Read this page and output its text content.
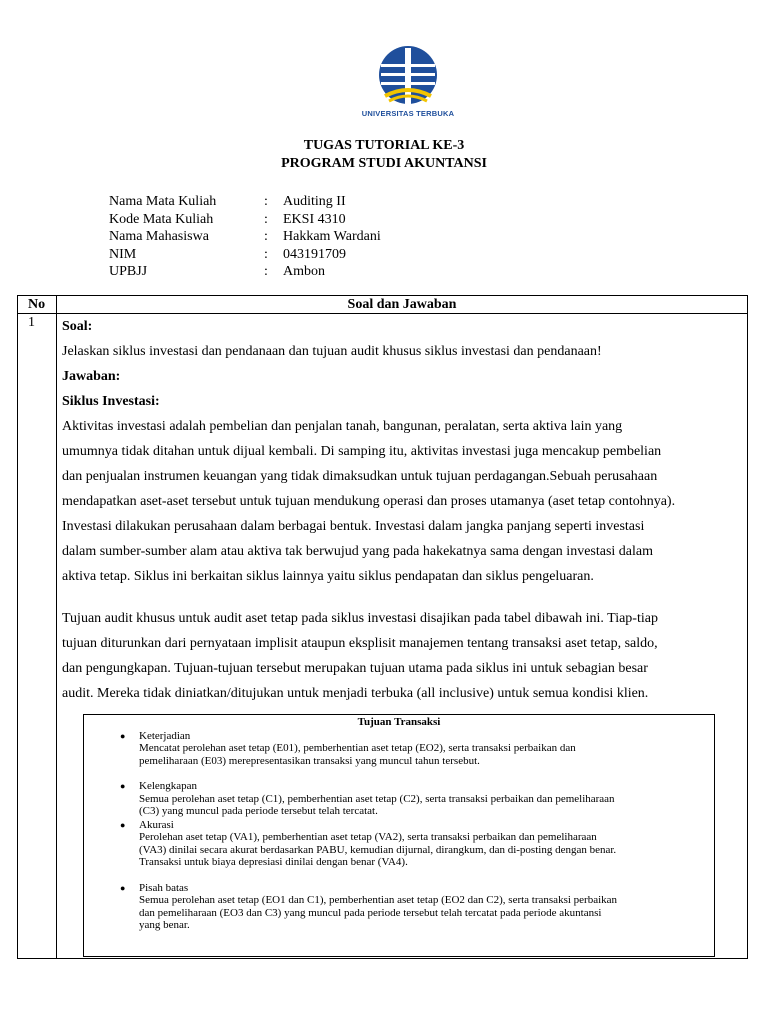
UNIVERSITAS TERBUKA
TUGAS TUTORIAL KE-3
PROGRAM STUDI AKUNTANSI
Nama Mata Kuliah	:	Auditing II
Kode Mata Kuliah	:	EKSI 4310
Nama Mahasiswa	:	Hakkam Wardani
NIM	:	043191709
UPBJJ	:	Ambon
No	Soal dan Jawaban
1 Soal:

Jelaskan siklus investasi dan pendanaan dan tujuan audit khusus siklus investasi dan pendanaan!

Jawaban:

Siklus Investasi:

Aktivitas investasi adalah pembelian dan penjalan tanah, bangunan, peralatan, serta aktiva lain yang

umumnya tidak ditahan untuk dijual kembali. Di samping itu, aktivitas investasi juga mencakup pembelian

dan penjualan instrumen keuangan yang tidak dimaksudkan untuk tujuan perdagangan.Sebuah perusahaan

mendapatkan aset-aset tersebut untuk tujuan mendukung operasi dan proses utamanya (aset tetap contohnya).

Investasi dilakukan perusahaan dalam berbagai bentuk. Investasi dalam jangka panjang seperti investasi

dalam sumber-sumber alam atau aktiva tak berwujud yang pada hakekatnya sama dengan investasi dalam

aktiva tetap. Siklus ini berkaitan siklus lainnya yaitu siklus pendapatan dan siklus pengeluaran.

Tujuan audit khusus untuk audit aset tetap pada siklus investasi disajikan pada tabel dibawah ini. Tiap-tiap

tujuan diturunkan dari pernyataan implisit ataupun eksplisit manajemen tentang transaksi aset tetap, saldo,

dan pengungkapan. Tujuan-tujuan tersebut merupakan tujuan utama pada siklus ini untuk sebagian besar

audit. Mereka tidak diniatkan/ditujukan untuk menjadi terbuka (all inclusive) untuk semua kondisi klien.

Tujuan Transaksi
● Keterjadian
Mencatat perolehan aset tetap (E01), pemberhentian aset tetap (EO2), serta transaksi perbaikan dan
pemeliharaan (E03) merepresentasikan transaksi yang muncul tahun tersebut.
● Kelengkapan
Semua perolehan aset tetap (C1), pemberhentian aset tetap (C2), serta transaksi perbaikan dan pemeliharaan
(C3) yang muncul pada periode tersebut telah tercatat.
● Akurasi
Perolehan aset tetap (VA1), pemberhentian aset tetap (VA2), serta transaksi perbaikan dan pemeliharaan
(VA3) dinilai secara akurat berdasarkan PABU, kemudian dijurnal, dirangkum, dan di-posting dengan benar.
Transaksi untuk biaya depresiasi dinilai dengan benar (VA4).
● Pisah batas
Semua perolehan aset tetap (EO1 dan C1), pemberhentian aset tetap (EO2 dan C2), serta transaksi perbaikan
dan pemeliharaan (EO3 dan C3) yang muncul pada periode tersebut telah tercatat pada periode akuntansi
yang benar.
